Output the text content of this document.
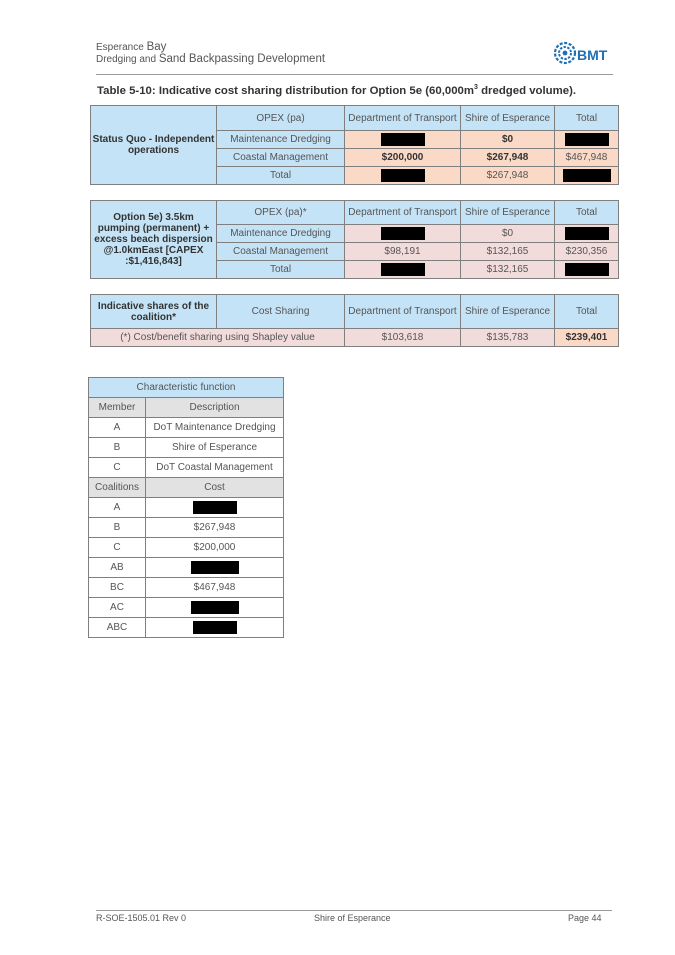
Esperance Bay
Dredging and Sand Backpassing Development	BMT
Table 5-10: Indicative cost sharing distribution for Option 5e ($60,000m^3$ dredged volume).
Status Quo - Independent operations	OPEX (pa)	Department of Transport	Shire of Esperance	Total
	Maintenance Dredging		$0	
	Coastal Management	$200,000	$267,948	$467,948
	Total		$267,948	
Option 5e) 3.5km pumping (permanent) + excess beach dispersion @1.0kmEast [CAPEX :$1,416,843]	OPEX (pa)*	Department of Transport	Shire of Esperance	Total
	Maintenance Dredging		$0	
	Coastal Management	$98,191	$132,165	$230,356
	Total		$132,165	
Indicative shares of the coalition*	Cost Sharing	Department of Transport	Shire of Esperance	Total
(*) Cost/benefit sharing using Shapley value		$103,618	$135,783	$239,401
Characteristic function	
Member	Description
A	DoT Maintenance Dredging
B	Shire of Esperance
C	DoT Coastal Management
Coalitions	Cost
A	
B	$267,948
C	$200,000
AB	
BC	$467,948
AC	
ABC	
R-SOE-1505.01 Rev 0	Shire of Esperance	Page 44
